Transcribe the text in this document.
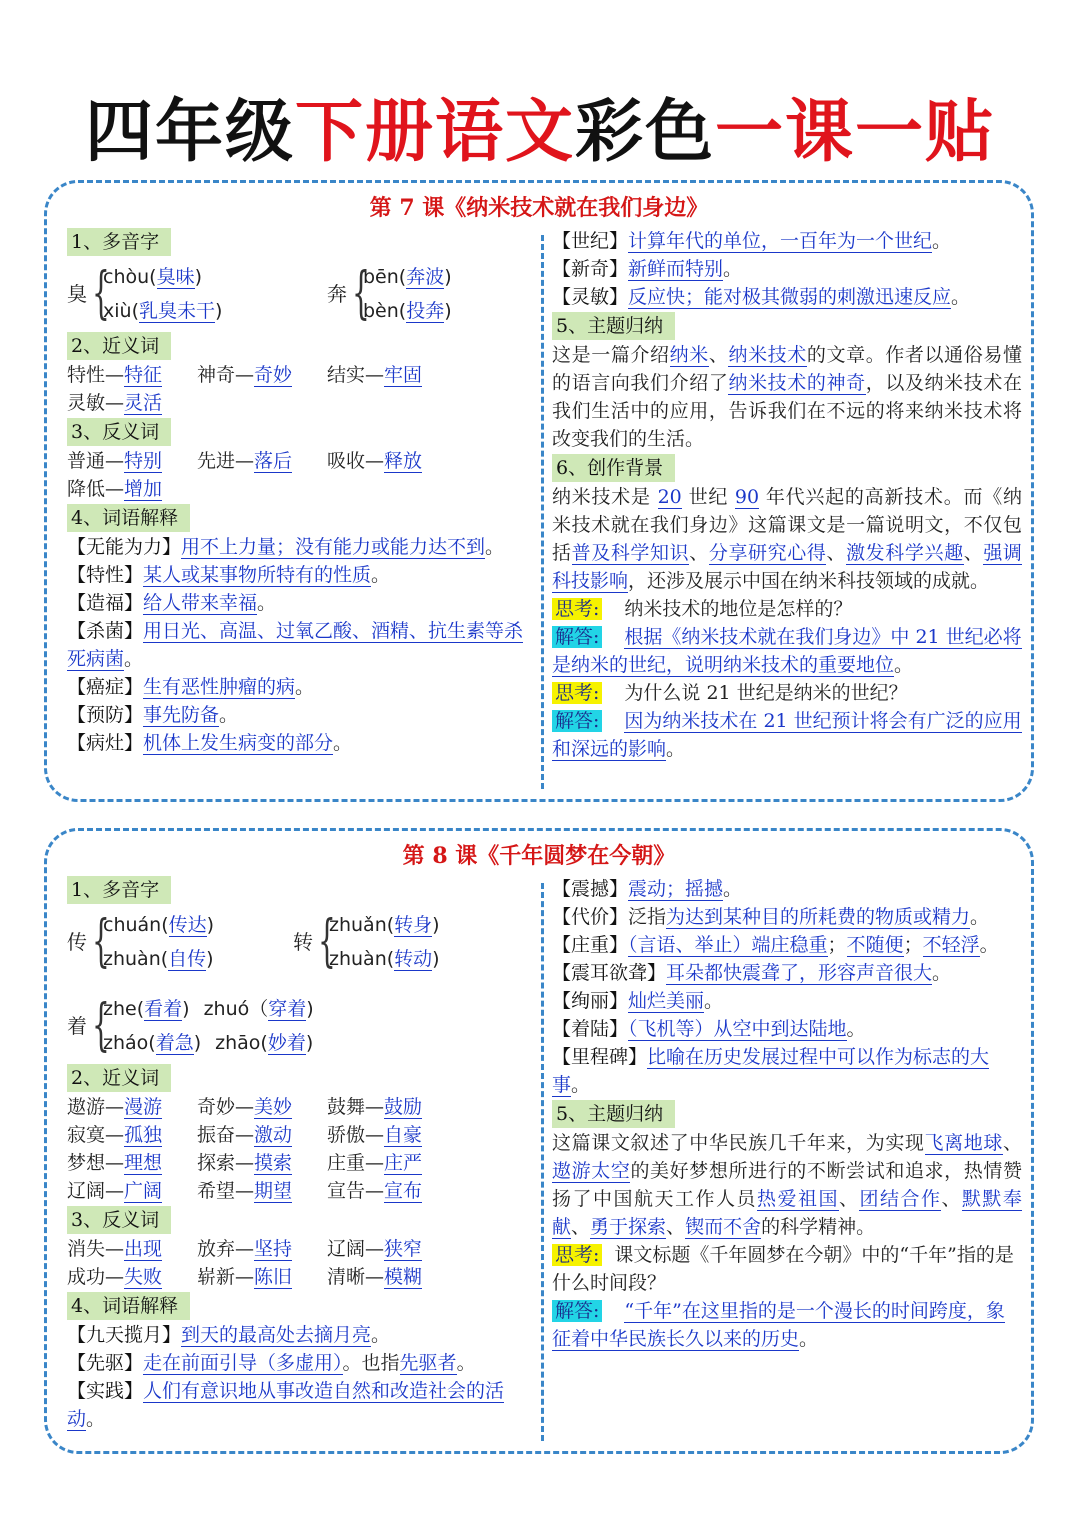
四年级下册语文彩色一课一贴
第 7 课《纳米技术就在我们身边》
1、多音字
臭 {
chòu(臭味)
xiù(乳臭未干)
奔 {
bēn(奔波)
bèn(投奔)
2、近义词
特性—特征 神奇—奇妙 结实—牢固
灵敏—灵活
3、反义词
普通—特别 先进—落后 吸收—释放
降低—增加
4、词语解释
【无能为力】用不上力量；没有能力或能力达不到。
【特性】某人或某事物所特有的性质。
【造福】给人带来幸福。
【杀菌】用日光、高温、过氧乙酸、酒精、抗生素等杀死病菌。
【癌症】生有恶性肿瘤的病。
【预防】事先防备。
【病灶】机体上发生病变的部分。
【世纪】计算年代的单位，一百年为一个世纪。
【新奇】新鲜而特别。
【灵敏】反应快；能对极其微弱的刺激迅速反应。
5、主题归纳
这是一篇介绍纳米、纳米技术的文章。作者以通俗易懂的语言向我们介绍了纳米技术的神奇，以及纳米技术在我们生活中的应用，告诉我们在不远的将来纳米技术将改变我们的生活。
6、创作背景
纳米技术是 20 世纪 90 年代兴起的高新技术。而《纳米技术就在我们身边》这篇课文是一篇说明文，不仅包括普及科学知识、分享研究心得、激发科学兴趣、强调科技影响，还涉及展示中国在纳米科技领域的成就。
思考: 纳米技术的地位是怎样的？
解答: 根据《纳米技术就在我们身边》中 21 世纪必将是纳米的世纪，说明纳米技术的重要地位。
思考: 为什么说 21 世纪是纳米的世纪？
解答: 因为纳米技术在 21 世纪预计将会有广泛的应用和深远的影响。
第 8 课《千年圆梦在今朝》
1、多音字
传 {
chuán(传达)
zhuàn(自传)
转 {
zhuǎn(转身)
zhuàn(转动)
着 {
zhe(看着) zhuó（穿着)
zháo(着急) zhāo(妙着)
2、近义词
遨游—漫游 奇妙—美妙 鼓舞—鼓励
寂寞—孤独 振奋—激动 骄傲—自豪
梦想—理想 探索—摸索 庄重—庄严
辽阔—广阔 希望—期望 宣告—宣布
3、反义词
消失—出现 放弃—坚持 辽阔—狭窄
成功—失败 崭新—陈旧 清晰—模糊
4、词语解释
【九天揽月】到天的最高处去摘月亮。
【先驱】走在前面引导（多虚用）。也指先驱者。
【实践】人们有意识地从事改造自然和改造社会的活动。
【震撼】震动；摇撼。
【代价】泛指为达到某种目的所耗费的物质或精力。
【庄重】（言语、举止）端庄稳重；不随便；不轻浮。
【震耳欲聋】耳朵都快震聋了，形容声音很大。
【绚丽】灿烂美丽。
【着陆】（飞机等）从空中到达陆地。
【里程碑】比喻在历史发展过程中可以作为标志的大事。
5、主题归纳
这篇课文叙述了中华民族几千年来，为实现飞离地球、遨游太空的美好梦想所进行的不断尝试和追求，热情赞扬了中国航天工作人员热爱祖国、团结合作、默默奉献、勇于探索、锲而不舍的科学精神。
思考: 课文标题《千年圆梦在今朝》中的“千年”指的是什么时间段？
解答: “千年”在这里指的是一个漫长的时间跨度，象征着中华民族长久以来的历史。
